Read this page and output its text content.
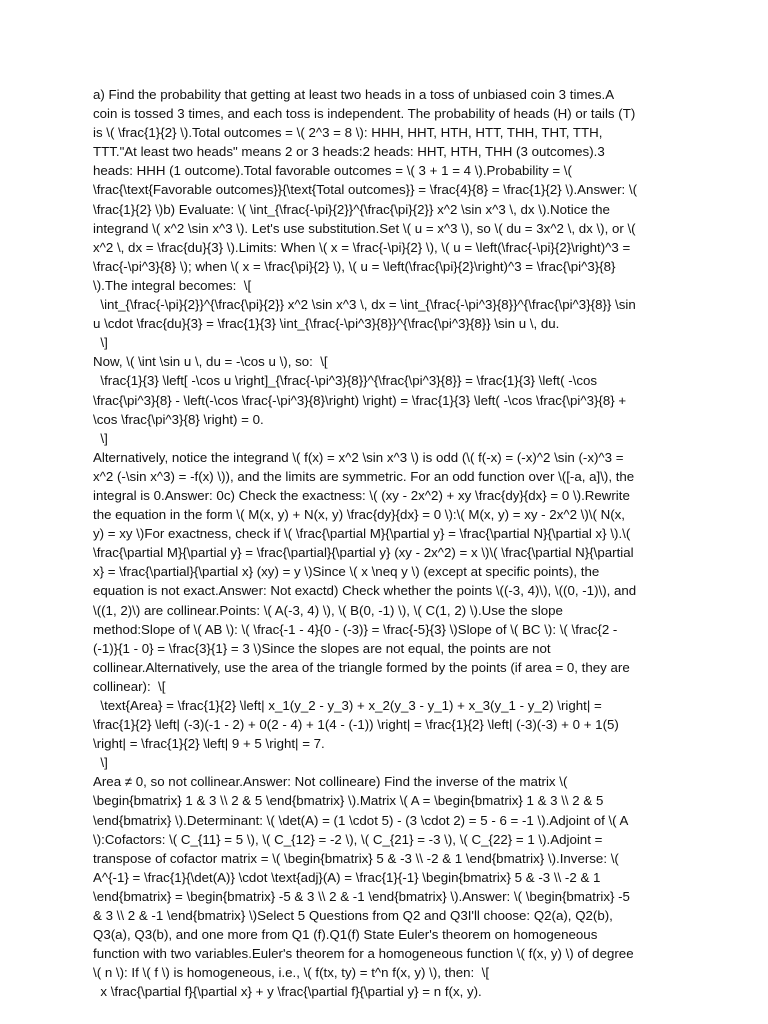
a) Find the probability that getting at least two heads in a toss of unbiased coin 3 times.A
coin is tossed 3 times, and each toss is independent. The probability of heads (H) or tails (T)
is \( \frac{1}{2} \).Total outcomes = \( 2^3 = 8 \): HHH, HHT, HTH, HTT, THH, THT, TTH,
TTT."At least two heads" means 2 or 3 heads:2 heads: HHT, HTH, THH (3 outcomes).3
heads: HHH (1 outcome).Total favorable outcomes = \( 3 + 1 = 4 \).Probability = \(
\frac{\text{Favorable outcomes}}{\text{Total outcomes}} = \frac{4}{8} = \frac{1}{2} \).Answer: \(
\frac{1}{2} \)b) Evaluate: \( \int_{\frac{-\pi}{2}}^{\frac{\pi}{2}} x^2 \sin x^3 \, dx \).Notice the
integrand \( x^2 \sin x^3 \). Let's use substitution.Set \( u = x^3 \), so \( du = 3x^2 \, dx \), or \(
x^2 \, dx = \frac{du}{3} \).Limits: When \( x = \frac{-\pi}{2} \), \( u = \left(\frac{-\pi}{2}\right)^3 =
\frac{-\pi^3}{8} \); when \( x = \frac{\pi}{2} \), \( u = \left(\frac{\pi}{2}\right)^3 = \frac{\pi^3}{8}
\).The integral becomes:  \[
\int_{\frac{-\pi}{2}}^{\frac{\pi}{2}} x^2 \sin x^3 \, dx = \int_{\frac{-\pi^3}{8}}^{\frac{\pi^3}{8}} \sin
u \cdot \frac{du}{3} = \frac{1}{3} \int_{\frac{-\pi^3}{8}}^{\frac{\pi^3}{8}} \sin u \, du.
\]
Now, \( \int \sin u \, du = -\cos u \), so:  \[
\frac{1}{3} \left[ -\cos u \right]_{\frac{-\pi^3}{8}}^{\frac{\pi^3}{8}} = \frac{1}{3} \left( -\cos
\frac{\pi^3}{8} - \left(-\cos \frac{-\pi^3}{8}\right) \right) = \frac{1}{3} \left( -\cos \frac{\pi^3}{8} +
\cos \frac{\pi^3}{8} \right) = 0.
\]
Alternatively, notice the integrand \( f(x) = x^2 \sin x^3 \) is odd (\( f(-x) = (-x)^2 \sin (-x)^3 =
x^2 (-\sin x^3) = -f(x) \)), and the limits are symmetric. For an odd function over \([-a, a]\), the
integral is 0.Answer: 0c) Check the exactness: \( (xy - 2x^2) + xy \frac{dy}{dx} = 0 \).Rewrite
the equation in the form \( M(x, y) + N(x, y) \frac{dy}{dx} = 0 \):\( M(x, y) = xy - 2x^2 \)\( N(x,
y) = xy \)For exactness, check if \( \frac{\partial M}{\partial y} = \frac{\partial N}{\partial x} \).\(
\frac{\partial M}{\partial y} = \frac{\partial}{\partial y} (xy - 2x^2) = x \)\( \frac{\partial N}{\partial
x} = \frac{\partial}{\partial x} (xy) = y \)Since \( x \neq y \) (except at specific points), the
equation is not exact.Answer: Not exactd) Check whether the points \((-3, 4)\), \((0, -1)\), and
\((1, 2)\) are collinear.Points: \( A(-3, 4) \), \( B(0, -1) \), \( C(1, 2) \).Use the slope
method:Slope of \( AB \): \( \frac{-1 - 4}{0 - (-3)} = \frac{-5}{3} \)Slope of \( BC \): \( \frac{2 -
(-1)}{1 - 0} = \frac{3}{1} = 3 \)Since the slopes are not equal, the points are not
collinear.Alternatively, use the area of the triangle formed by the points (if area = 0, they are
collinear):  \[
\text{Area} = \frac{1}{2} \left| x_1(y_2 - y_3) + x_2(y_3 - y_1) + x_3(y_1 - y_2) \right| =
\frac{1}{2} \left| (-3)(-1 - 2) + 0(2 - 4) + 1(4 - (-1)) \right| = \frac{1}{2} \left| (-3)(-3) + 0 + 1(5)
\right| = \frac{1}{2} \left| 9 + 5 \right| = 7.
\]
Area ≠ 0, so not collinear.Answer: Not collineare) Find the inverse of the matrix \(
\begin{bmatrix} 1 & 3 \\ 2 & 5 \end{bmatrix} \).Matrix \( A = \begin{bmatrix} 1 & 3 \\ 2 & 5
\end{bmatrix} \).Determinant: \( \det(A) = (1 \cdot 5) - (3 \cdot 2) = 5 - 6 = -1 \).Adjoint of \( A
\):Cofactors: \( C_{11} = 5 \), \( C_{12} = -2 \), \( C_{21} = -3 \), \( C_{22} = 1 \).Adjoint =
transpose of cofactor matrix = \( \begin{bmatrix} 5 & -3 \\ -2 & 1 \end{bmatrix} \).Inverse: \(
A^{-1} = \frac{1}{\det(A)} \cdot \text{adj}(A) = \frac{1}{-1} \begin{bmatrix} 5 & -3 \\ -2 & 1
\end{bmatrix} = \begin{bmatrix} -5 & 3 \\ 2 & -1 \end{bmatrix} \).Answer: \( \begin{bmatrix} -5
& 3 \\ 2 & -1 \end{bmatrix} \)Select 5 Questions from Q2 and Q3I'll choose: Q2(a), Q2(b),
Q3(a), Q3(b), and one more from Q1 (f).Q1(f) State Euler's theorem on homogeneous
function with two variables.Euler's theorem for a homogeneous function \( f(x, y) \) of degree
\( n \): If \( f \) is homogeneous, i.e., \( f(tx, ty) = t^n f(x, y) \), then:  \[
x \frac{\partial f}{\partial x} + y \frac{\partial f}{\partial y} = n f(x, y).
